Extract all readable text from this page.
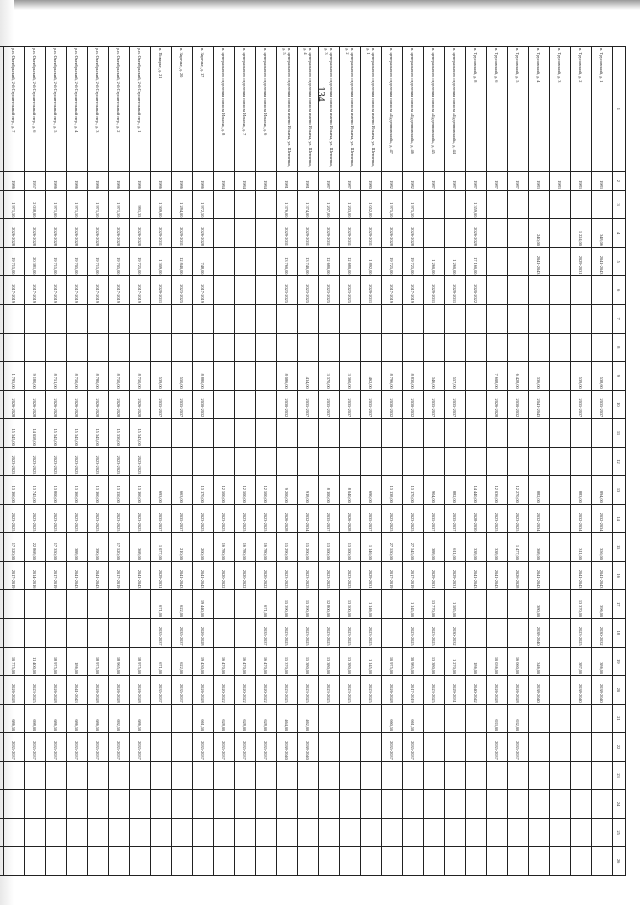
134
1	2	3	4	5	6	7	8	9	10	11	12	13	14	15	16	17	18	19	20	21	22	23	24	25	26
п. Трусовский, д. 1	1983		348,06	2041-2043				538,60	2035-2037			894,00	2032-2034	356,00	2041-2043	396,00	2030-2032	386,00	2038-2040						
п. Трусовский, д. 2	1983		1 224,00	2029-2031				539,00	2035-2037			883,00	2032-2034	311,00	2041-2043	13 370,00	2023-2025	387,00	2038-2040						
п. Трусовский, д. 3	1983																								
п. Трусовский, д. 4	1983		240,00	2041-2043				336,00	2041-2043			882,00	2032-2034	368,00	2041-2043	380,00	2038-2040	346,00	2038-2040						
п. Трусовский, д. 5	1987							6 428,00	2030-2032			12 270,00	2023-2025	1 477,00	2026-2028			16 060,00	2026-2028	632,00	2035-2037				
п. Трусовский, д. 6	1987							7 608,00	2026-2028			12 036,00	2023-2025	338,00	2041-2043			10 036,00	2026-2028	633,00	2035-2037				
п. Трусовский, д. 8	1987	1 359,00	2026-2028	17 160,00	2020-2022							14 440,00	2028-2030	338,00	2041-2043			186,00	2040-2042						
п. центрального отделения совхоза «Буденновский», д. 44	1987			1 260,00	2029-2031			557,00	2035-2037			882,00	2035-2037	611,00	2029-2031	1 585,00	2030-2032	1 270,00	2029-2031						
п. центрального отделения совхоза «Буденновский», д. 45	1987			1 260,00	2029-2031			346,00	2035-2037			904,00	2035-2037	388,00	2029-2031	13 770,00	2023-2025	13 380,00	2023-2025						
п. центрального отделения совхоза «Буденновский», д. 46	1982	1 975,50	2026-2028	19 725,00	2017-2019			8 830,00	2030-2032			13 170,00	2023-2025	27 545,00	2017-2019	1 145,00	2023-2025	30 985,00	2017-2019	661,50	2035-2037				
п. центрального отделения совхоза «Буденновский», д. 47	1982	1 975,50	2026-2028	19 725,00	2017-2019			8 796,00	2030-2032			13 138,00	2023-2025	27 550,00	2017-2019			10 975,00	2026-2028	660,50	2035-2037				
п. центрального отделения совхоза имени Ильича, ул. Шевченко, д. 1	1980	1 052,00	2029-2031	1 892,00	2029-2031			462,00	2035-2037			690,00	2035-2037	1 146,00	2029-2031	1 146,00	2023-2025	1 145,00	2023-2025						
п. центрального отделения совхоза имени Ильича, ул. Шевченко, д. 2	1987	1 203,00	2029-2031	12 680,00	2023-2025			3 360,00	2035-2037			8 040,00	2026-2028	13 500,00	2023-2025	13 500,00	2023-2025	13 380,00	2023-2025						
п. центрального отделения совхоза имени Ильича, ул. Шевченко, д. 3	1987	1 207,00	2029-2031	12 680,00	2023-2025			3 370,00	2035-2037			8 100,00	2035-2037	13 500,00	2023-2025	12 800,00	2023-2025	13 380,00	2023-2025						
п. центрального отделения совхоза имени Ильича, ул. Шевченко, д. 4	1981	1 374,00	2029-2031	13 740,00	2023-2025			414,00	2035-2037			918,00	2032-2034	15 200,00	2023-2025	15 390,00	2023-2025	15 380,00	2023-2025	462,00	2038-2040				
п. центрального отделения совхоза имени Ильича, ул. Шевченко, д. 5	1981	1 376,00	2029-2031	13 760,00	2023-2025			8 086,00	2030-2032			9 200,00	2026-2028	15 290,00	2023-2025	15 390,00	2023-2025	15 370,00	2023-2025	464,00	2038-2040				
п. центрального отделения совхоза Ильича, д. 6	1984											12 500,00	2023-2025	16 780,00	2020-2022	671,00	2035-2037	16 470,00	2020-2022	628,00	2035-2037				
п. центрального отделения совхоза Ильича, д. 7	1984											12 500,00	2023-2025	16 780,00	2020-2022			16 470,00	2020-2022	628,00	2035-2037				
п. центрального отделения совхоза Ильича, д. 8	1984											12 500,00	2023-2025	16 780,00	2020-2022			16 470,00	2020-2022	628,00	2035-2037				
п. Заречье, д. 17	1986	1 972,50	2026-2028	748,00	2017-2019			8 880,00	2030-2032			13 170,00	2023-2025	200,00	2041-2043	19 440,00	2026-2028	19 430,00	2026-2028	661,50	2035-2037				
п. Заречье, д. 20	1986	1 284,00	2029-2031	12 840,00	2023-2025			550,00	2035-2037			663,00	2035-2037	210,00	2041-2043	622,00	2035-2037	622,00	2035-2037						
п. Поварье, д. 21	1986	1 309,00	2029-2031	1 309,00	2029-2031			539,00	2035-2037			693,00	2035-2037	1 077,00	2029-2031	671,00	2035-2037	671,00	2035-2037						
р.п. Октябрьский, 2-й Строительный пер., д. 1	1986	991,35	2026-2028	19 725,00	2017-2019			8 750,00	2026-2028	15 343,00	2023-2025	13 160,00	2023-2025	368,00	2041-2043			18 975,00	2026-2028	686,50	2035-2037				
р.п. Октябрьский, 2-й Строительный пер., д. 2	1986	1 971,50	2026-2028	19 705,00	2017-2019			8 750,00	2026-2028	15 330,00	2023-2025	13 150,00	2023-2025	17 520,00	2017-2019			18 965,00	2026-2028	692,50	2035-2037				
р.п. Октябрьский, 2-й Строительный пер., д. 3	1986	1 971,50	2026-2028	19 715,00	2017-2019			8 780,00	2026-2028	15 345,00	2023-2025	13 160,00	2023-2025	390,00	2041-2043			18 975,00	2026-2028	686,50	2035-2037				
р.п. Октябрьский, 2-й Строительный пер., д. 4	1986	1 971,50	2026-2028	19 705,00	2017-2019			8 750,00	2026-2028	15 345,00	2023-2025	13 160,00	2023-2025	388,00	2041-2043			186,00	2041-2043	686,50	2035-2037				
р.п. Октябрьский, 2-й Строительный пер., д. 5	1986	1 971,00	2026-2028	19 715,00	2017-2019			8 751,00	2026-2028	15 345,00	2023-2025	13 800,00	2023-2025	17 350,00	2017-2019			18 975,00	2026-2028	686,50	2035-2037				
р.п. Октябрьский, 2-й Строительный пер., д. 6	1957	2 038,00	2026-2028	20 381,00	2017-2019			9 180,00	2026-2028	14 058,00	2023-2025	13 745,00	2023-2025	22 868,00	2014-2016			11 400,00	2023-2025	698,00	2035-2037				
р.п. Октябрьский, 2-й Строительный пер., д. 7	1986	1 971,50	2026-2028	19 715,00	2017-2019			1 795,00	2026-2028	15 345,00	2023-2025	13 160,00	2023-2025	17 520,00	2017-2019			10 775,00	2026-2028	686,50	2035-2037				
